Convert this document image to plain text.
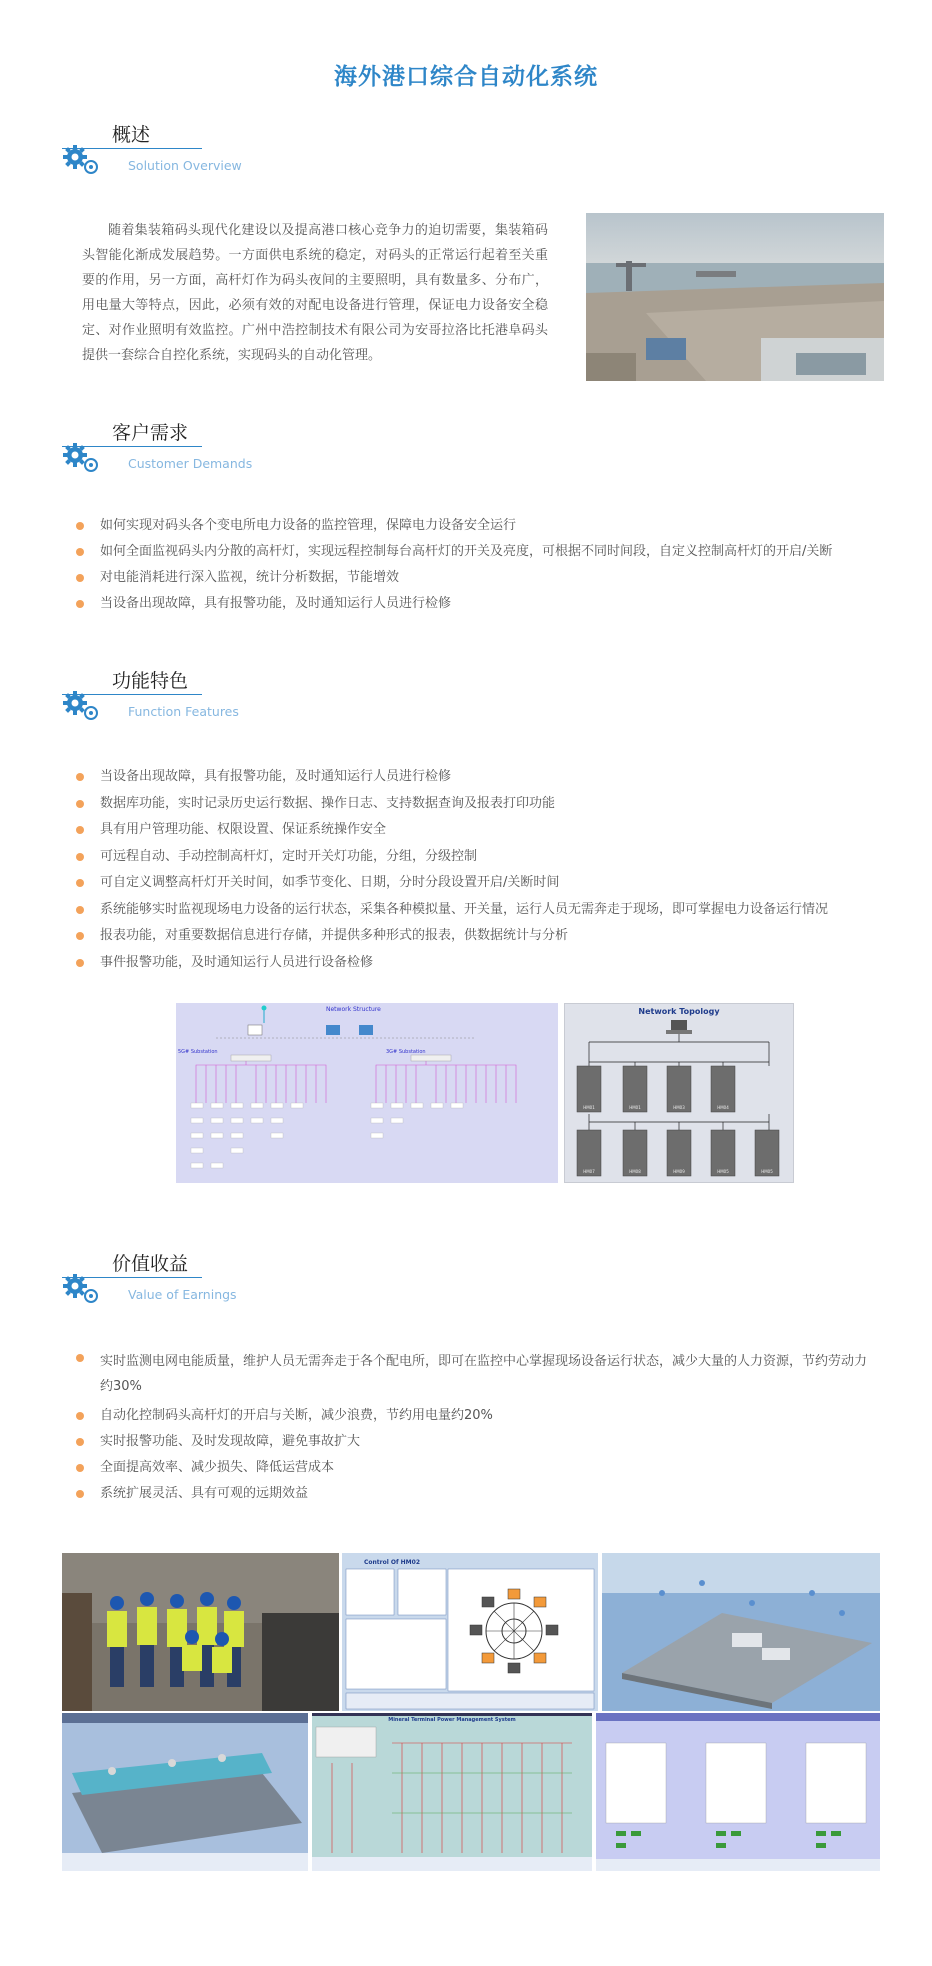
海外港口综合自动化系统
概述
Solution Overview
随着集装箱码头现代化建设以及提高港口核心竞争力的迫切需要，集装箱码头智能化渐成发展趋势。一方面供电系统的稳定，对码头的正常运行起着至关重要的作用，另一方面，高杆灯作为码头夜间的主要照明，具有数量多、分布广，用电量大等特点，因此，必须有效的对配电设备进行管理，保证电力设备安全稳定、对作业照明有效监控。广州中浩控制技术有限公司为安哥拉洛比托港阜码头提供一套综合自控化系统，实现码头的自动化管理。
客户需求
Customer Demands
如何实现对码头各个变电所电力设备的监控管理，保障电力设备安全运行
如何全面监视码头内分散的高杆灯，实现远程控制每台高杆灯的开关及亮度，可根据不同时间段，自定义控制高杆灯的开启/关断
对电能消耗进行深入监视，统计分析数据，节能增效
当设备出现故障，具有报警功能，及时通知运行人员进行检修
功能特色
Function Features
当设备出现故障，具有报警功能，及时通知运行人员进行检修
数据库功能，实时记录历史运行数据、操作日志、支持数据查询及报表打印功能
具有用户管理功能、权限设置、保证系统操作安全
可远程自动、手动控制高杆灯，定时开关灯功能，分组，分级控制
可自定义调整高杆灯开关时间，如季节变化、日期，分时分段设置开启/关断时间
系统能够实时监视现场电力设备的运行状态，采集各种模拟量、开关量，运行人员无需奔走于现场，即可掌握电力设备运行情况
报表功能，对重要数据信息进行存储，并提供多种形式的报表，供数据统计与分析
事件报警功能，及时通知运行人员进行设备检修
Network Structure
5G# Substation	3G# Substation
Network Topology
HM01	HM01	HM03	HM04
HM07	HM08	HM09	HM05	HM05
价值收益
Value of Earnings
实时监测电网电能质量，维护人员无需奔走于各个配电所，即可在监控中心掌握现场设备运行状态，减少大量的人力资源，节约劳动力约30%
自动化控制码头高杆灯的开启与关断，减少浪费，节约用电量约20%
实时报警功能、及时发现故障，避免事故扩大
全面提高效率、减少损失、降低运营成本
系统扩展灵活、具有可观的远期效益
Control Of HM02
Mineral Terminal Power Management System
